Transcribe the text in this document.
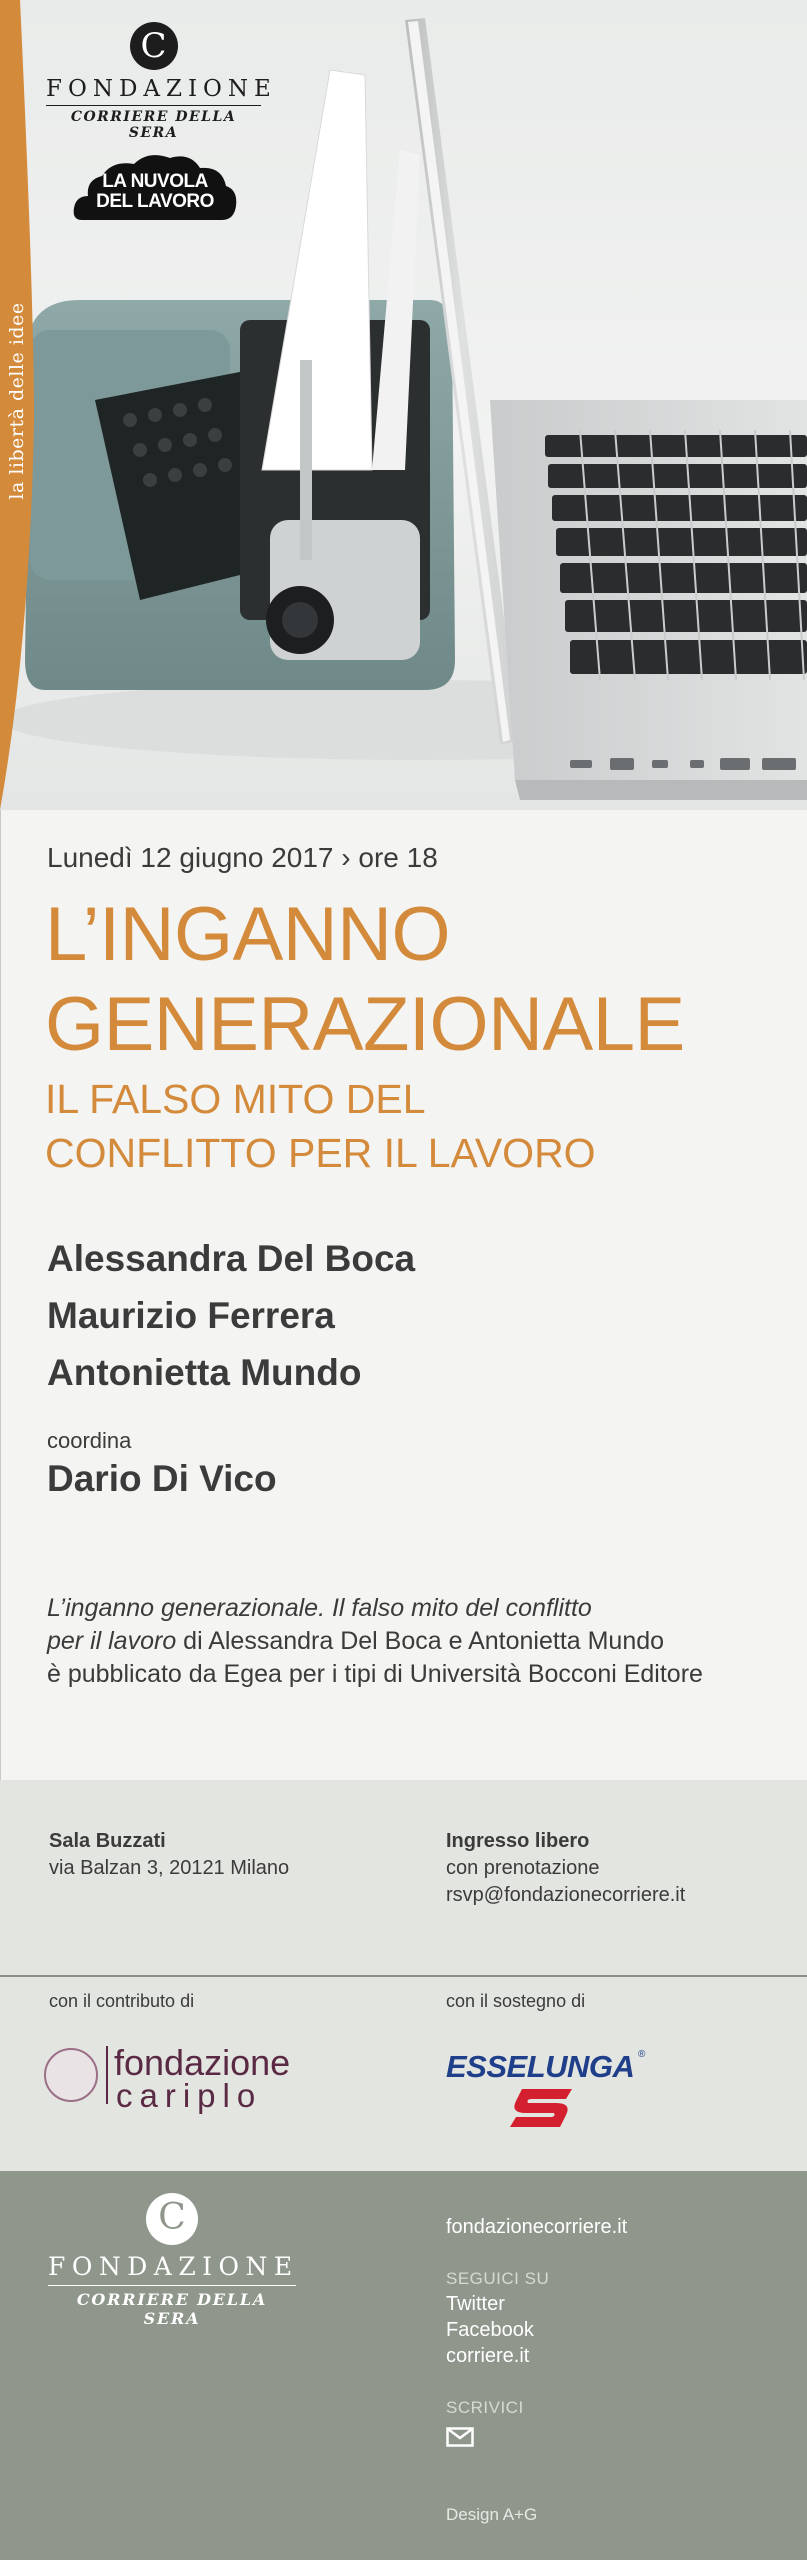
la libertà delle idee
C
FONDAZIONE
CORRIERE DELLA SERA
LA NUVOLA
DEL LAVORO
Lunedì 12 giugno 2017 › ore 18
L’INGANNO
GENERAZIONALE
IL FALSO MITO DEL
CONFLITTO PER IL LAVORO
Alessandra Del Boca
Maurizio Ferrera
Antonietta Mundo
coordina
Dario Di Vico
L’inganno generazionale. Il falso mito del conflitto
per il lavoro di Alessandra Del Boca e Antonietta Mundo
è pubblicato da Egea per i tipi di Università Bocconi Editore
Sala Buzzati
via Balzan 3, 20121 Milano
Ingresso libero
con prenotazione
rsvp@fondazionecorriere.it
con il contributo di	con il sostegno di
fondazione
cariplo
ESSELUNGA ®
C
FONDAZIONE
CORRIERE DELLA SERA
fondazionecorriere.it
SEGUICI SU
Twitter
Facebook
corriere.it
SCRIVICI
Design A+G
